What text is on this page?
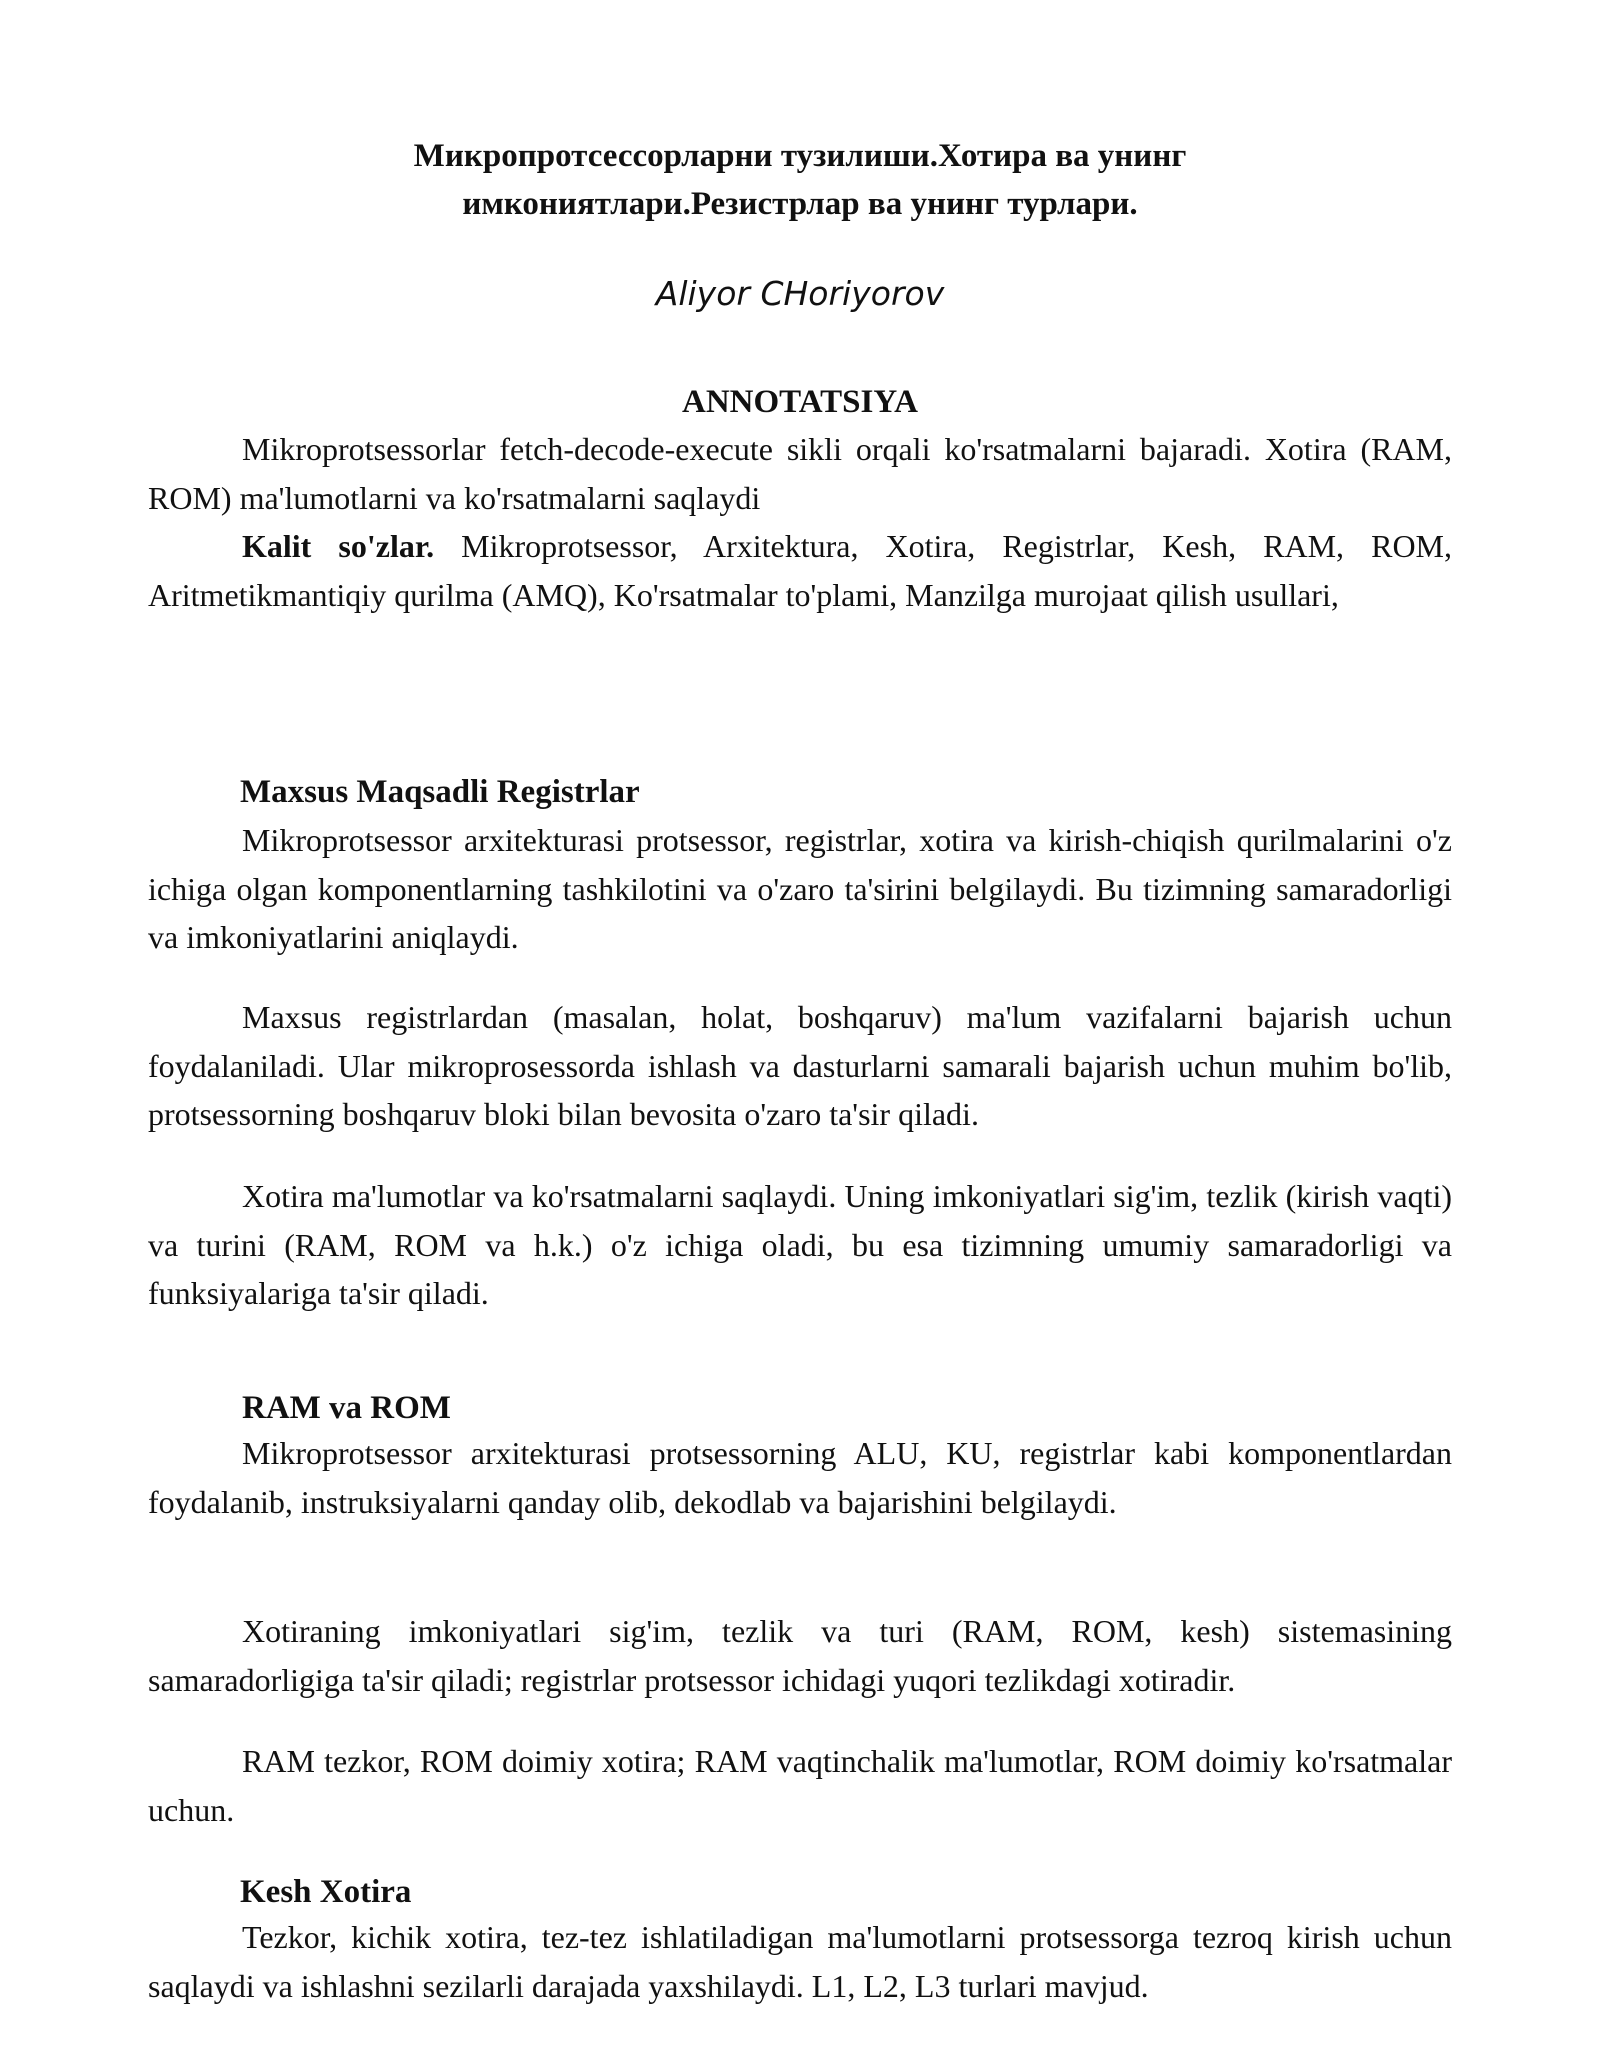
Микропротсессорларни тузилиши.Хотира ва унинг
имкониятлари.Резистрлар ва унинг турлари.
Aliyor CHoriyorov
ANNOTATSIYA

Mikroprotsessorlar fetch-decode-execute sikli orqali ko'rsatmalarni bajaradi. Xotira (RAM, ROM) ma'lumotlarni va ko'rsatmalarni saqlaydi

Kalit so'zlar. Mikroprotsessor, Arxitektura, Xotira, Registrlar, Kesh, RAM, ROM, Aritmetikmantiqiy qurilma (AMQ), Ko'rsatmalar to'plami, Manzilga murojaat qilish usullari,

Maxsus Maqsadli Registrlar

Mikroprotsessor arxitekturasi protsessor, registrlar, xotira va kirish-chiqish qurilmalarini o'z ichiga olgan komponentlarning tashkilotini va o'zaro ta'sirini belgilaydi. Bu tizimning samaradorligi va imkoniyatlarini aniqlaydi.

Maxsus registrlardan (masalan, holat, boshqaruv) ma'lum vazifalarni bajarish uchun foydalaniladi. Ular mikroprosessorda ishlash va dasturlarni samarali bajarish uchun muhim bo'lib, protsessorning boshqaruv bloki bilan bevosita o'zaro ta'sir qiladi.

Xotira ma'lumotlar va ko'rsatmalarni saqlaydi. Uning imkoniyatlari sig'im, tezlik (kirish vaqti) va turini (RAM, ROM va h.k.) o'z ichiga oladi, bu esa tizimning umumiy samaradorligi va funksiyalariga ta'sir qiladi.

RAM va ROM

Mikroprotsessor arxitekturasi protsessorning ALU, KU, registrlar kabi komponentlardan foydalanib, instruksiyalarni qanday olib, dekodlab va bajarishini belgilaydi.

Xotiraning imkoniyatlari sig'im, tezlik va turi (RAM, ROM, kesh) sistemasining samaradorligiga ta'sir qiladi; registrlar protsessor ichidagi yuqori tezlikdagi xotiradir.

RAM tezkor, ROM doimiy xotira; RAM vaqtinchalik ma'lumotlar, ROM doimiy ko'rsatmalar uchun.

Kesh Xotira

Tezkor, kichik xotira, tez-tez ishlatiladigan ma'lumotlarni protsessorga tezroq kirish uchun saqlaydi va ishlashni sezilarli darajada yaxshilaydi. L1, L2, L3 turlari mavjud.
